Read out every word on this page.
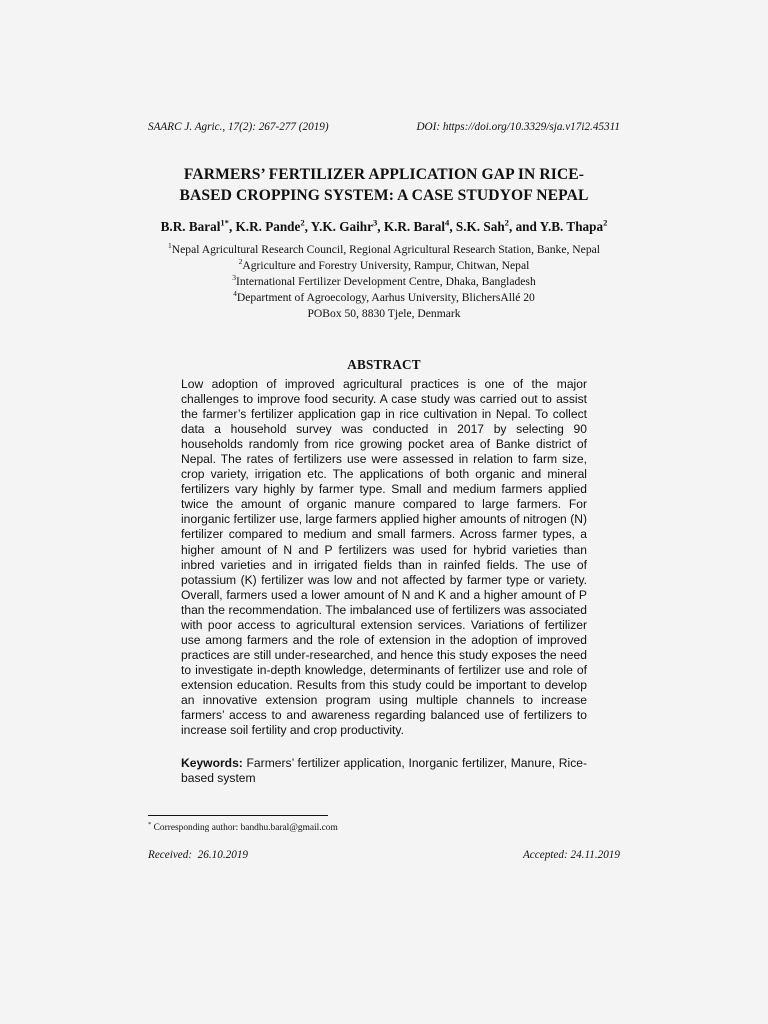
SAARC J. Agric., 17(2): 267-277 (2019)	DOI: https://doi.org/10.3329/sja.v17i2.45311
FARMERS’ FERTILIZER APPLICATION GAP IN RICE-
BASED CROPPING SYSTEM: A CASE STUDYOF NEPAL
B.R. Baral$^{1*}$, K.R. Pande$^2$, Y.K. Gaihr$^3$, K.R. Baral$^4$, S.K. Sah$^2$, and Y.B. Thapa$^2$
$^1$Nepal Agricultural Research Council, Regional Agricultural Research Station, Banke, Nepal
$^2$Agriculture and Forestry University, Rampur, Chitwan, Nepal
$^3$International Fertilizer Development Centre, Dhaka, Bangladesh
$^4$Department of Agroecology, Aarhus University, BlichersAllé 20
POBox 50, 8830 Tjele, Denmark
ABSTRACT

Low adoption of improved agricultural practices is one of the major challenges to improve food security. A case study was carried out to assist the farmer’s fertilizer application gap in rice cultivation in Nepal. To collect data a household survey was conducted in 2017 by selecting 90 households randomly from rice growing pocket area of Banke district of Nepal. The rates of fertilizers use were assessed in relation to farm size, crop variety, irrigation etc. The applications of both organic and mineral fertilizers vary highly by farmer type. Small and medium farmers applied twice the amount of organic manure compared to large farmers. For inorganic fertilizer use, large farmers applied higher amounts of nitrogen (N) fertilizer compared to medium and small farmers. Across farmer types, a higher amount of N and P fertilizers was used for hybrid varieties than inbred varieties and in irrigated fields than in rainfed fields. The use of potassium (K) fertilizer was low and not affected by farmer type or variety. Overall, farmers used a lower amount of N and K and a higher amount of P than the recommendation. The imbalanced use of fertilizers was associated with poor access to agricultural extension services. Variations of fertilizer use among farmers and the role of extension in the adoption of improved practices are still under-researched, and hence this study exposes the need to investigate in-depth knowledge, determinants of fertilizer use and role of extension education. Results from this study could be important to develop an innovative extension program using multiple channels to increase farmers’ access to and awareness regarding balanced use of fertilizers to increase soil fertility and crop productivity.

Keywords: Farmers’ fertilizer application, Inorganic fertilizer, Manure, Rice-based system
* Corresponding author: bandhu.baral@gmail.com
Received:  26.10.2019	Accepted: 24.11.2019
